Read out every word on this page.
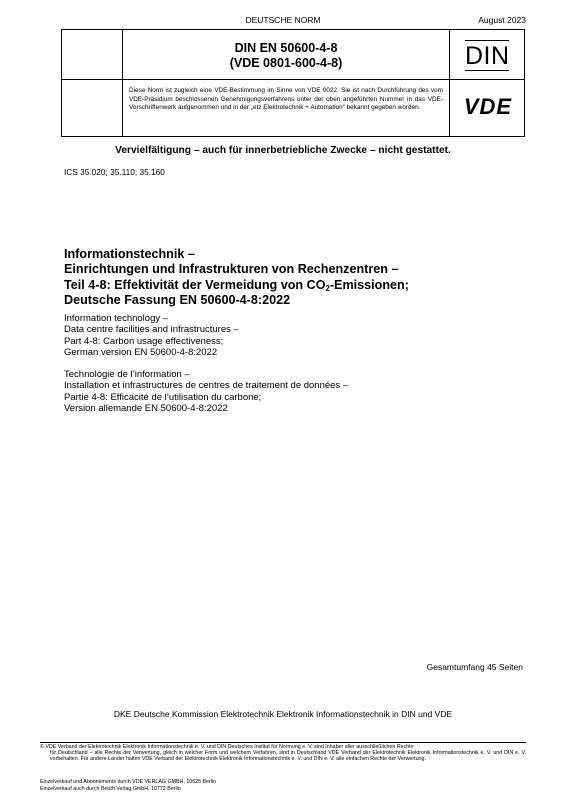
DEUTSCHE NORM	August 2023
DIN EN 50600-4-8
(VDE 0801-600-4-8)
Diese Norm ist zugleich eine VDE-Bestimmung im Sinne von VDE 0022. Sie ist nach Durchführung des vom VDE-Präsidium beschlossenen Genehmigungsverfahrens unter der oben angeführten Nummer in das VDE-Vorschriftenwerk aufgenommen und in der „etz Elektrotechnik + Automation“ bekannt gegeben worden.
DIN
VDE
Vervielfältigung – auch für innerbetriebliche Zwecke – nicht gestattet.
ICS 35.020; 35.110; 35.160
Informationstechnik –
Einrichtungen und Infrastrukturen von Rechenzentren –
Teil 4-8: Effektivität der Vermeidung von $CO_2$-Emissionen;
Deutsche Fassung EN 50600-4-8:2022
Information technology –
Data centre facilities and infrastructures –
Part 4-8: Carbon usage effectiveness;
German version EN 50600-4-8:2022
Technologie de l’information –
Installation et infrastructures de centres de traitement de données –
Partie 4-8: Efficacité de l’utilisation du carbone;
Version allemande EN 50600-4-8:2022
Gesamtumfang 45 Seiten
DKE Deutsche Kommission Elektrotechnik Elektronik Informationstechnik in DIN und VDE
© VDE Verband der Elektrotechnik Elektronik Informationstechnik e. V. und DIN Deutsches Institut für Normung e. V. sind Inhaber aller ausschließlichen Rechte
für Deutschland – alle Rechte der Verwertung, gleich in welcher Form und welchem Verfahren, sind in Deutschland VDE Verband der Elektrotechnik Elektronik Informationstechnik e. V. und DIN e. V. vorbehalten. Für andere Länder halten VDE Verband der Elektrotechnik Elektronik Informationstechnik e. V. und DIN e. V. alle einfachen Rechte der Verwertung.
Einzelverkauf und Abonnements durch VDE VERLAG GMBH, 10625 Berlin
Einzelverkauf auch durch Beuth Verlag GmbH, 10772 Berlin
